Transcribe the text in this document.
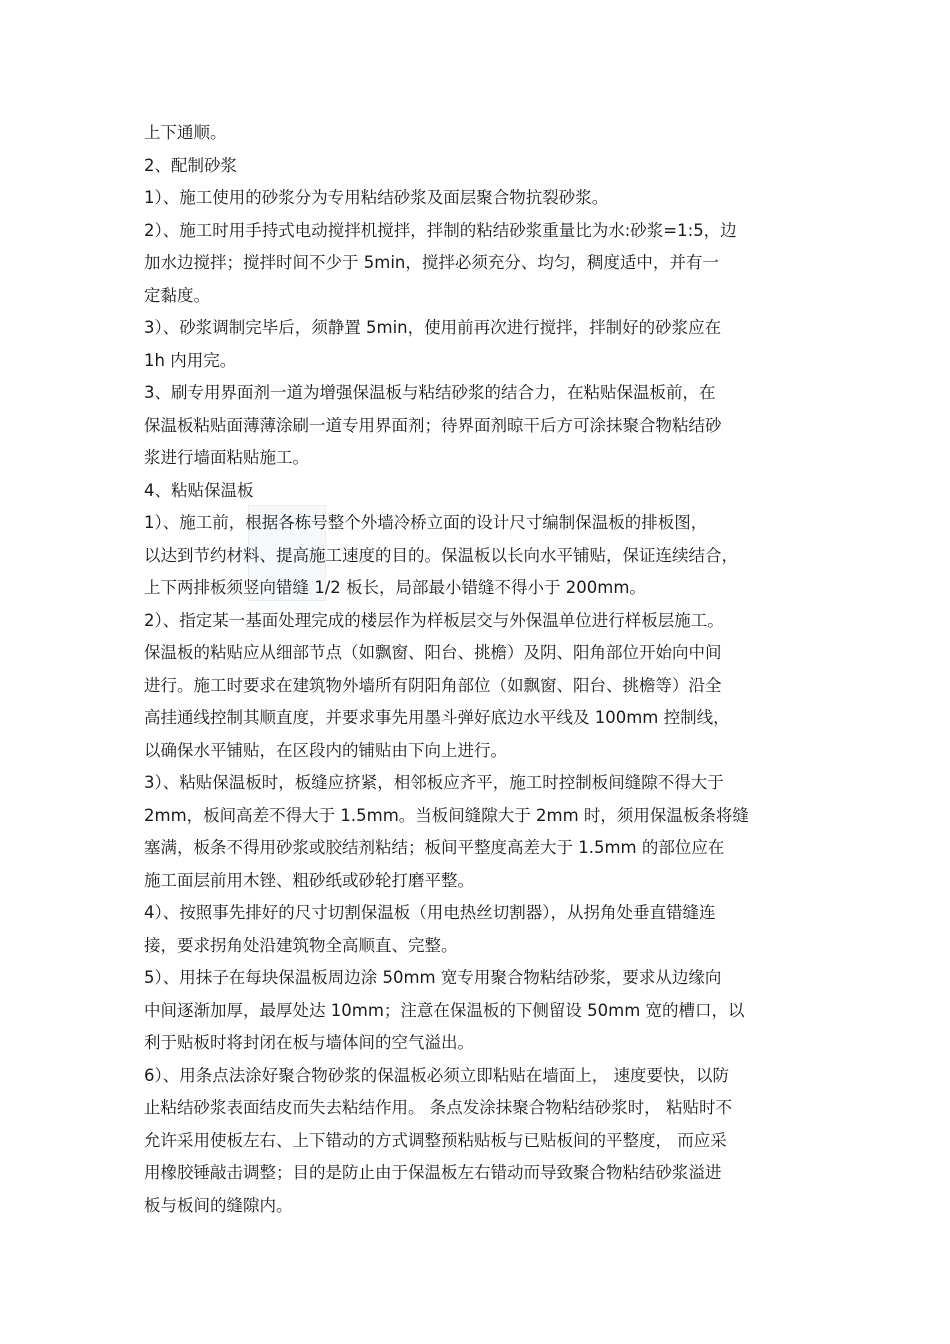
上下通顺。
2、配制砂浆
1）、施工使用的砂浆分为专用粘结砂浆及面层聚合物抗裂砂浆。
2）、施工时用手持式电动搅拌机搅拌，拌制的粘结砂浆重量比为水:砂浆=1:5，边
加水边搅拌；搅拌时间不少于 5min，搅拌必须充分、均匀，稠度适中，并有一
定黏度。
3）、砂浆调制完毕后，须静置 5min，使用前再次进行搅拌，拌制好的砂浆应在
1h 内用完。
3、刷专用界面剂一道为增强保温板与粘结砂浆的结合力，在粘贴保温板前，在
保温板粘贴面薄薄涂刷一道专用界面剂；待界面剂晾干后方可涂抹聚合物粘结砂
浆进行墙面粘贴施工。
4、粘贴保温板
1）、施工前，根据各栋号整个外墙冷桥立面的设计尺寸编制保温板的排板图，
以达到节约材料、提高施工速度的目的。保温板以长向水平铺贴，保证连续结合，
上下两排板须竖向错缝 1/2 板长，局部最小错缝不得小于 200mm。
2）、指定某一基面处理完成的楼层作为样板层交与外保温单位进行样板层施工。
保温板的粘贴应从细部节点（如飘窗、阳台、挑檐）及阴、阳角部位开始向中间
进行。施工时要求在建筑物外墙所有阴阳角部位（如飘窗、阳台、挑檐等）沿全
高挂通线控制其顺直度，并要求事先用墨斗弹好底边水平线及 100mm 控制线，
以确保水平铺贴，在区段内的铺贴由下向上进行。
3）、粘贴保温板时，板缝应挤紧，相邻板应齐平，施工时控制板间缝隙不得大于
2mm，板间高差不得大于 1.5mm。当板间缝隙大于 2mm 时，须用保温板条将缝
塞满，板条不得用砂浆或胶结剂粘结；板间平整度高差大于 1.5mm 的部位应在
施工面层前用木锉、粗砂纸或砂轮打磨平整。
4）、按照事先排好的尺寸切割保温板（用电热丝切割器），从拐角处垂直错缝连
接，要求拐角处沿建筑物全高顺直、完整。
5）、用抹子在每块保温板周边涂 50mm 宽专用聚合物粘结砂浆，要求从边缘向
中间逐渐加厚，最厚处达 10mm；注意在保温板的下侧留设 50mm 宽的槽口，以
利于贴板时将封闭在板与墙体间的空气溢出。
6）、用条点法涂好聚合物砂浆的保温板必须立即粘贴在墙面上， 速度要快，以防
止粘结砂浆表面结皮而失去粘结作用。 条点发涂抹聚合物粘结砂浆时， 粘贴时不
允许采用使板左右、上下错动的方式调整预粘贴板与已贴板间的平整度， 而应采
用橡胶锤敲击调整；目的是防止由于保温板左右错动而导致聚合物粘结砂浆溢进
板与板间的缝隙内。
